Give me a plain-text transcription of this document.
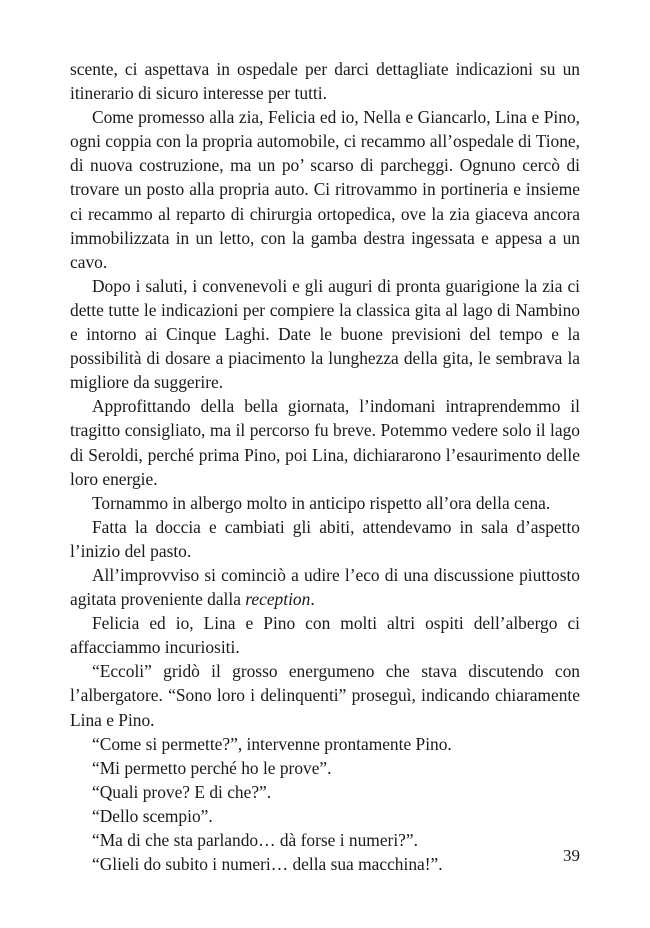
scente, ci aspettava in ospedale per darci dettagliate indicazioni su un itinerario di sicuro interesse per tutti.

Come promesso alla zia, Felicia ed io, Nella e Giancarlo, Lina e Pino, ogni coppia con la propria automobile, ci recammo all’ospedale di Tione, di nuova costruzione, ma un po’ scarso di parcheggi. Ognuno cercò di trovare un posto alla propria auto. Ci ritrovammo in portineria e insieme ci recammo al reparto di chirurgia ortopedica, ove la zia giaceva ancora immobilizzata in un letto, con la gamba destra ingessata e appesa a un cavo.

Dopo i saluti, i convenevoli e gli auguri di pronta guarigione la zia ci dette tutte le indicazioni per compiere la classica gita al lago di Nambino e intorno ai Cinque Laghi. Date le buone previsioni del tempo e la possibilità di dosare a piacimento la lunghezza della gita, le sembrava la migliore da suggerire.

Approfittando della bella giornata, l’indomani intraprendemmo il tragitto consigliato, ma il percorso fu breve. Potemmo vedere solo il lago di Seroldi, perché prima Pino, poi Lina, dichiararono l’esaurimento delle loro energie.

Tornammo in albergo molto in anticipo rispetto all’ora della cena.

Fatta la doccia e cambiati gli abiti, attendevamo in sala d’aspetto l’inizio del pasto.

All’improvviso si cominciò a udire l’eco di una discussione piuttosto agitata proveniente dalla reception.

Felicia ed io, Lina e Pino con molti altri ospiti dell’albergo ci affacciammo incuriositi.

“Eccoli” gridò il grosso energumeno che stava discutendo con l’albergatore. “Sono loro i delinquenti” proseguì, indicando chiaramente Lina e Pino.

“Come si permette?”, intervenne prontamente Pino.

“Mi permetto perché ho le prove”.

“Quali prove? E di che?”.

“Dello scempio”.

“Ma di che sta parlando… dà forse i numeri?”.

“Glieli do subito i numeri… della sua macchina!”.	39
